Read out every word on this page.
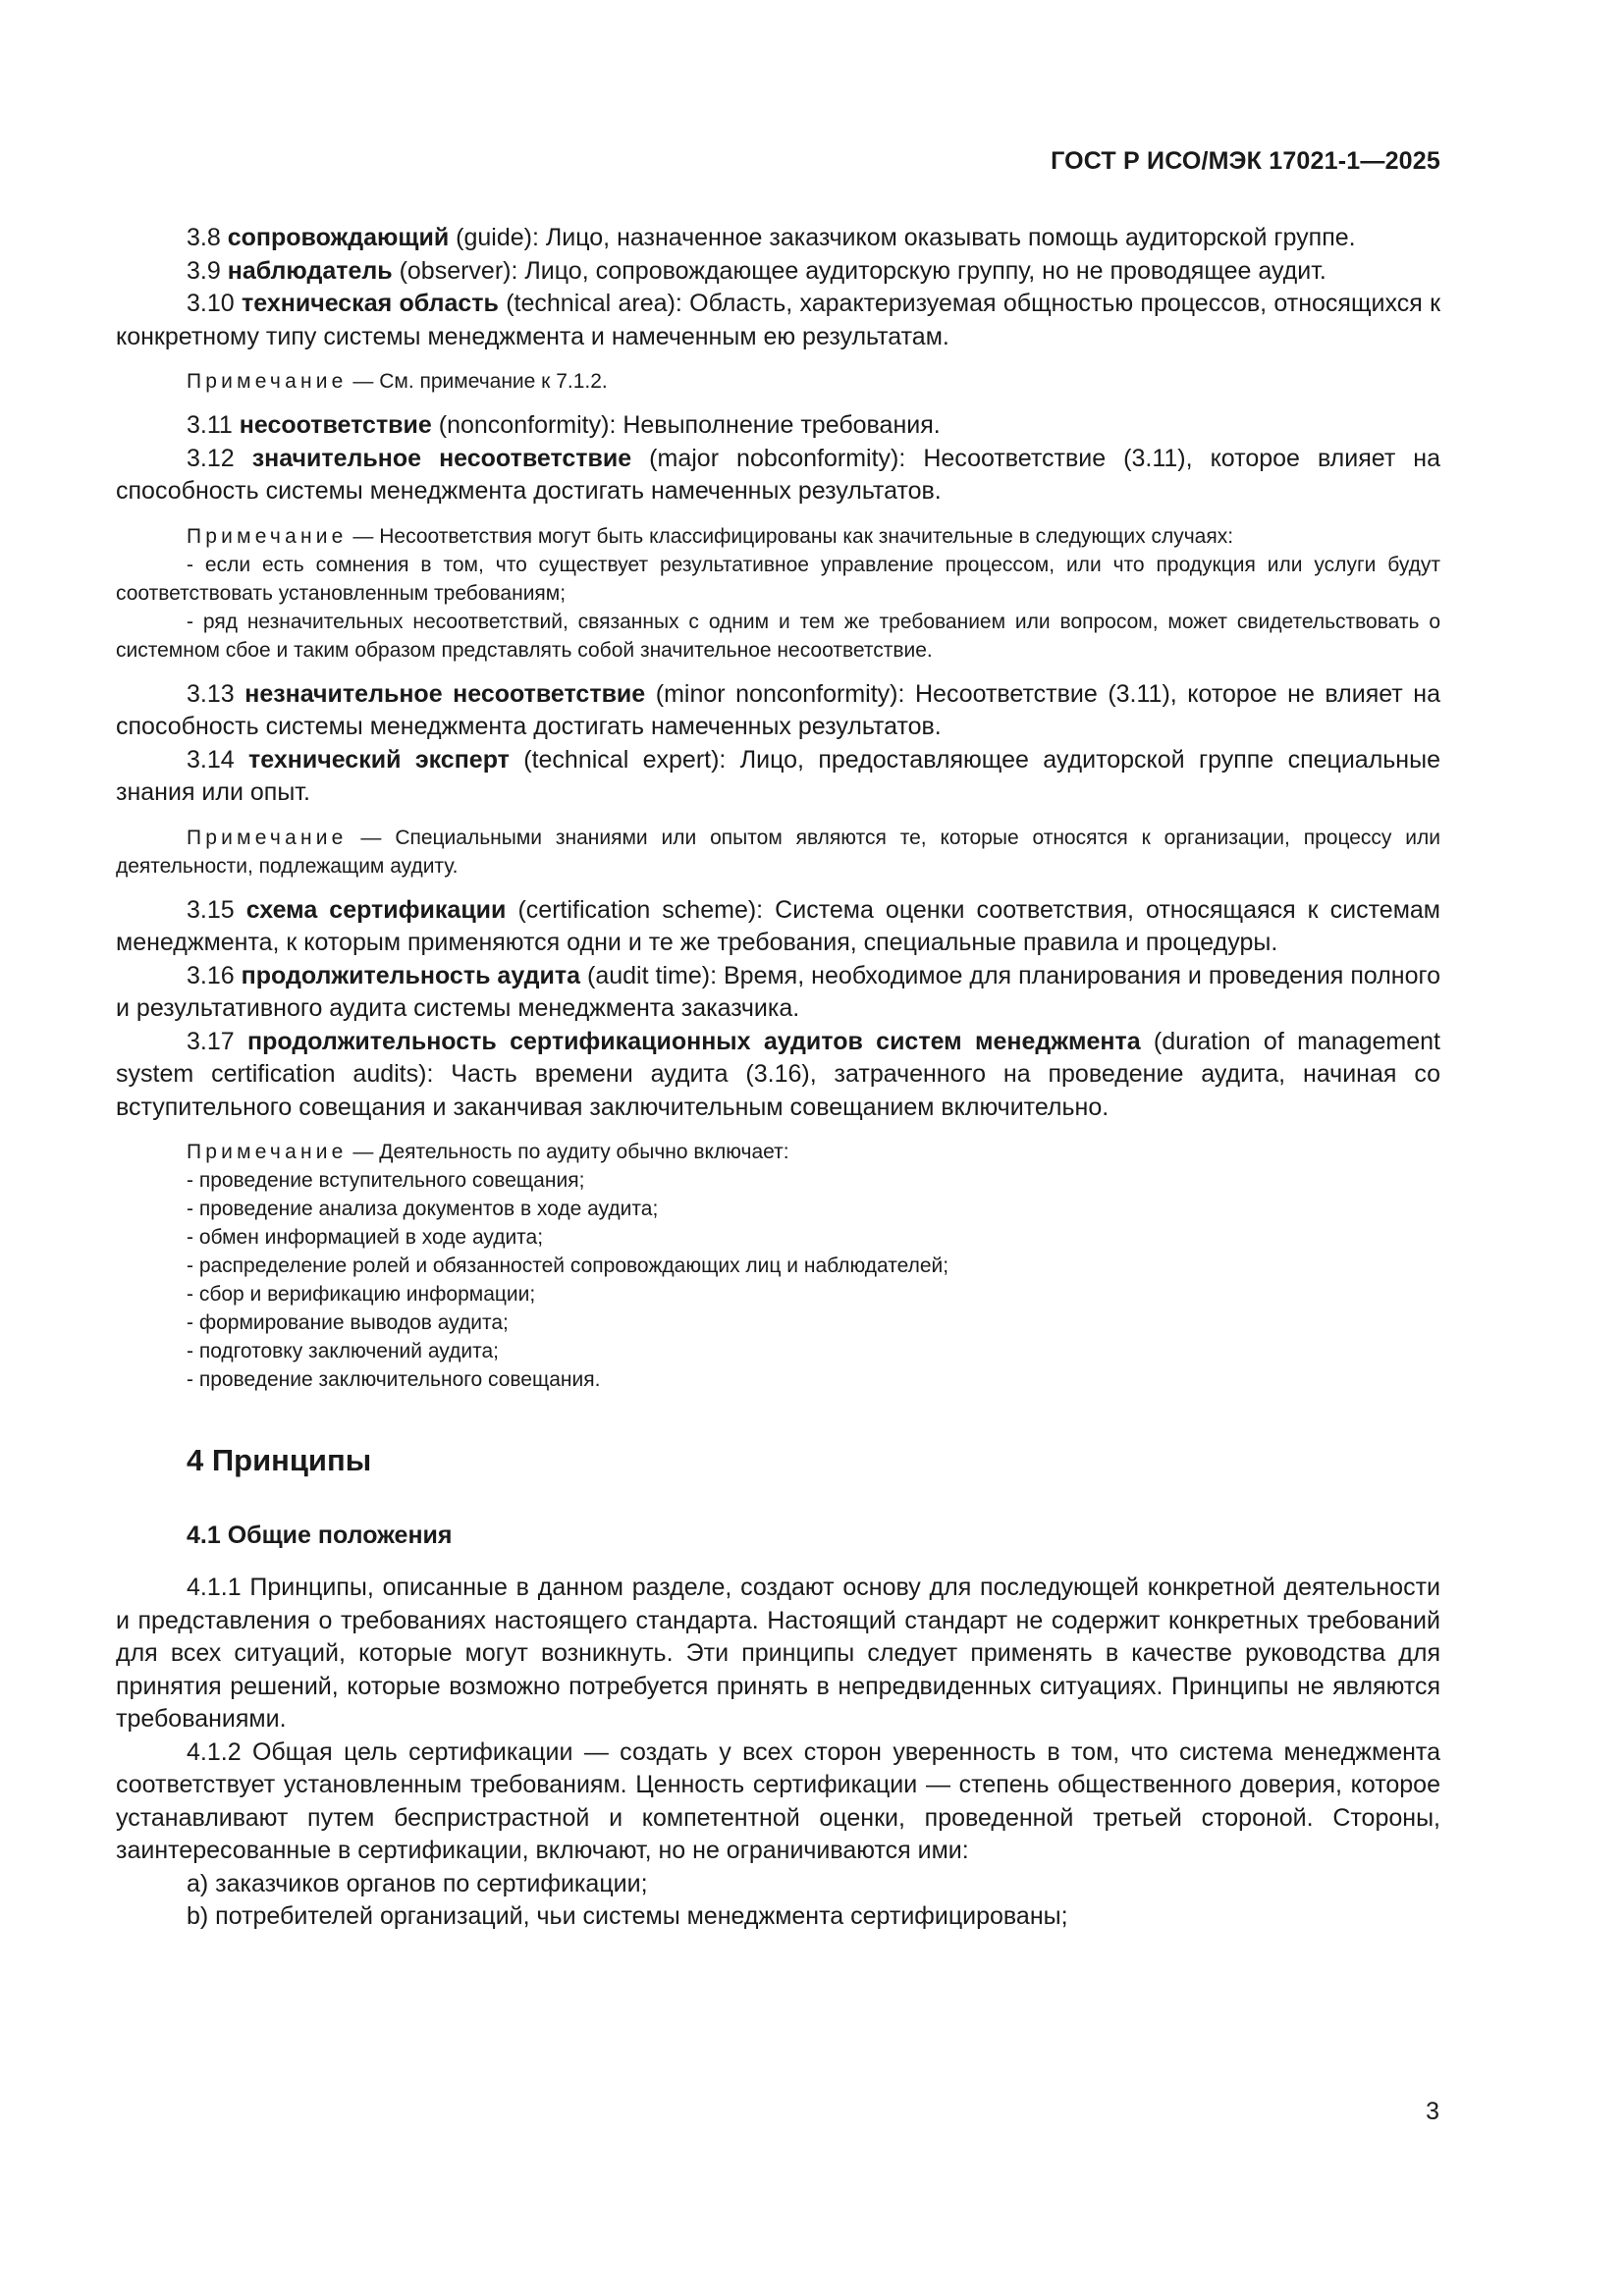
ГОСТ Р ИСО/МЭК 17021-1—2025

3.8 сопровождающий (guide): Лицо, назначенное заказчиком оказывать помощь аудиторской группе.

3.9 наблюдатель (observer): Лицо, сопровождающее аудиторскую группу, но не проводящее аудит.

3.10 техническая область (technical area): Область, характеризуемая общностью процессов, относящихся к конкретному типу системы менеджмента и намеченным ею результатам.

Примечание — См. примечание к 7.1.2.

3.11 несоответствие (nonconformity): Невыполнение требования.

3.12 значительное несоответствие (major nobconformity): Несоответствие (3.11), которое влияет на способность системы менеджмента достигать намеченных результатов.

Примечание — Несоответствия могут быть классифицированы как значительные в следующих случаях:

- если есть сомнения в том, что существует результативное управление процессом, или что продукция или услуги будут соответствовать установленным требованиям;

- ряд незначительных несоответствий, связанных с одним и тем же требованием или вопросом, может свидетельствовать о системном сбое и таким образом представлять собой значительное несоответствие.

3.13 незначительное несоответствие (minor nonconformity): Несоответствие (3.11), которое не влияет на способность системы менеджмента достигать намеченных результатов.

3.14 технический эксперт (technical expert): Лицо, предоставляющее аудиторской группе специальные знания или опыт.

Примечание — Специальными знаниями или опытом являются те, которые относятся к организации, процессу или деятельности, подлежащим аудиту.

3.15 схема сертификации (certification scheme): Система оценки соответствия, относящаяся к системам менеджмента, к которым применяются одни и те же требования, специальные правила и процедуры.

3.16 продолжительность аудита (audit time): Время, необходимое для планирования и проведения полного и результативного аудита системы менеджмента заказчика.

3.17 продолжительность сертификационных аудитов систем менеджмента (duration of management system certification audits): Часть времени аудита (3.16), затраченного на проведение аудита, начиная со вступительного совещания и заканчивая заключительным совещанием включительно.

Примечание — Деятельность по аудиту обычно включает:

- проведение вступительного совещания;

- проведение анализа документов в ходе аудита;

- обмен информацией в ходе аудита;

- распределение ролей и обязанностей сопровождающих лиц и наблюдателей;

- сбор и верификацию информации;

- формирование выводов аудита;

- подготовку заключений аудита;

- проведение заключительного совещания.

4 Принципы
4.1 Общие положения

4.1.1 Принципы, описанные в данном разделе, создают основу для последующей конкретной деятельности и представления о требованиях настоящего стандарта. Настоящий стандарт не содержит конкретных требований для всех ситуаций, которые могут возникнуть. Эти принципы следует применять в качестве руководства для принятия решений, которые возможно потребуется принять в непредвиденных ситуациях. Принципы не являются требованиями.

4.1.2 Общая цель сертификации — создать у всех сторон уверенность в том, что система менеджмента соответствует установленным требованиям. Ценность сертификации — степень общественного доверия, которое устанавливают путем беспристрастной и компетентной оценки, проведенной третьей стороной. Стороны, заинтересованные в сертификации, включают, но не ограничиваются ими:

a) заказчиков органов по сертификации;

b) потребителей организаций, чьи системы менеджмента сертифицированы;

3
